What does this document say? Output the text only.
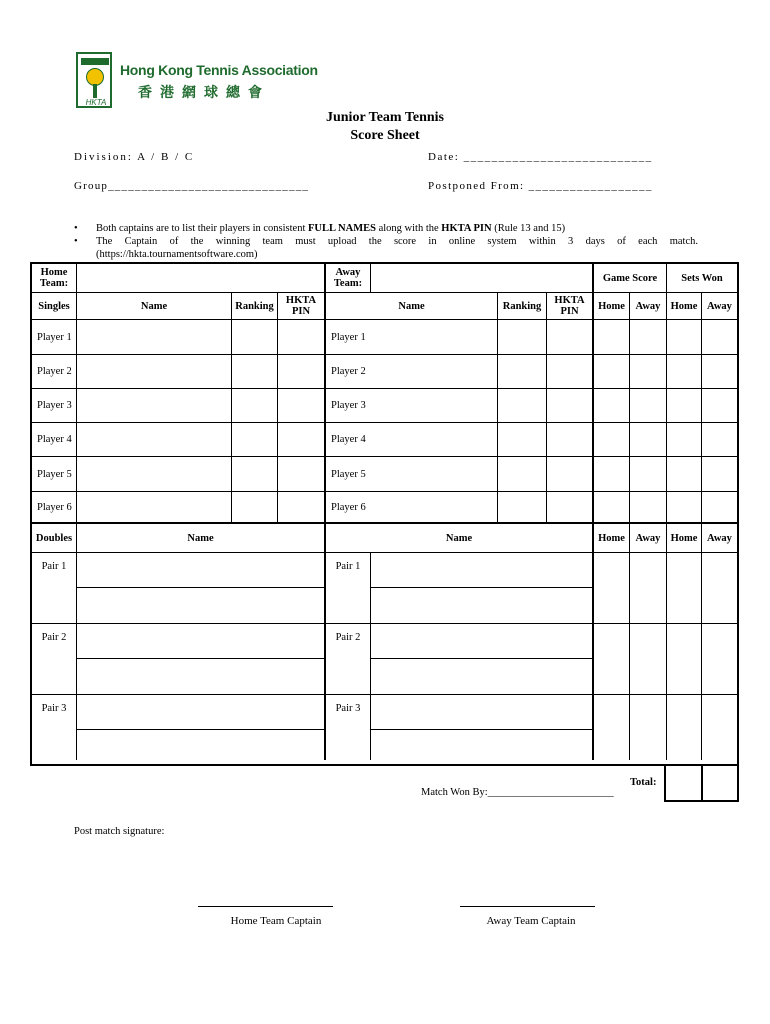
HKTA
Hong Kong Tennis Association
香港網球總會
Junior Team Tennis
Score Sheet
Division: A / B / C	Date: ___________________________
Group______________________________	Postponed From: __________________
•	Both captains are to list their players in consistent FULL NAMES along with the HKTA PIN (Rule 13 and 15)
•	The Captain of the winning team must upload the score in online system within 3 days of each match.
(https://hkta.tournamentsoftware.com)
Home Team:
Away Team:	Game Score	Sets Won
Singles	Name	Ranking	HKTA PIN	Name	Ranking	HKTA PIN	Home	Away Home Away
Player 1	Player 1
Player 2	Player 2
Player 3	Player 3
Player 4	Player 4
Player 5	Player 5
Player 6	Player 6
Doubles	Name	Name	Home	Away Home Away
Pair 1	Pair 1
Pair 2	Pair 2
Pair 3	Pair 3
Total:
Match Won By:________________________
Post match signature:
Home Team Captain	Away Team Captain
